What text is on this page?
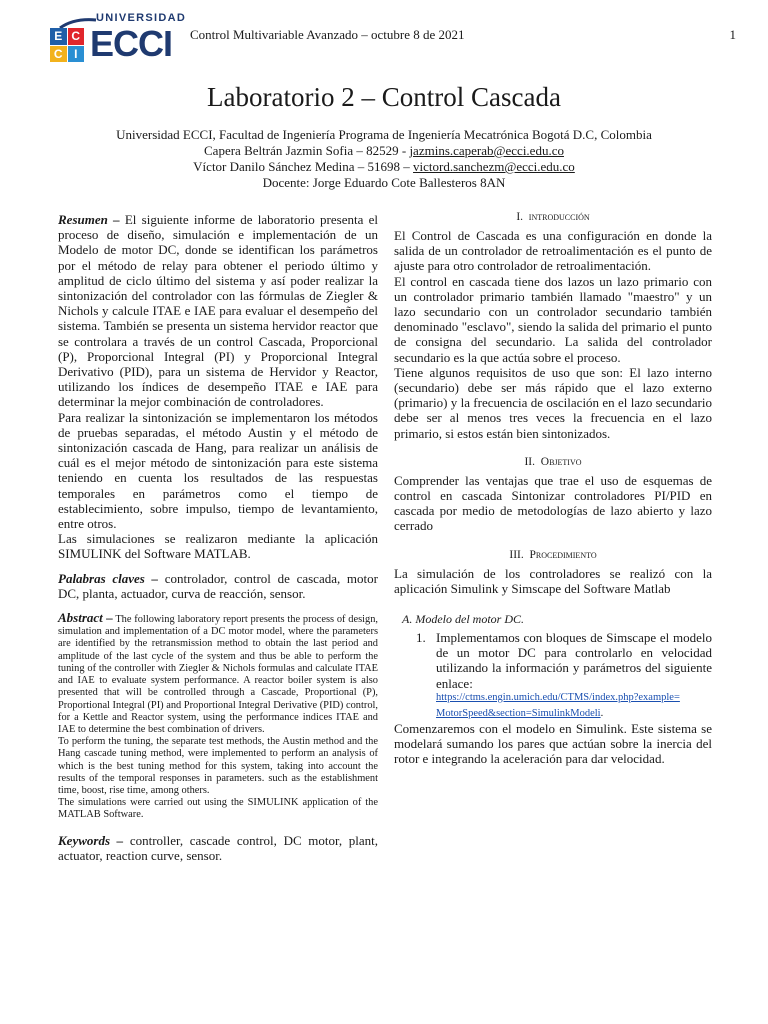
UNIVERSIDAD
E C
C I ECCI Control Multivariable Avanzado – octubre 8 de 2021	1
Laboratorio 2 – Control Cascada
Universidad ECCI, Facultad de Ingeniería Programa de Ingeniería Mecatrónica Bogotá D.C, Colombia
Capera Beltrán Jazmin Sofia – 82529 - jazmins.caperab@ecci.edu.co
Víctor Danilo Sánchez Medina – 51698 – victord.sanchezm@ecci.edu.co
Docente: Jorge Eduardo Cote Ballesteros 8AN

Resumen – El siguiente informe de laboratorio presenta el proceso de diseño, simulación e implementación de un Modelo de motor DC, donde se identifican los parámetros por el método de relay para obtener el periodo último y amplitud de ciclo último del sistema y así poder realizar la sintonización del controlador con las fórmulas de Ziegler & Nichols y calcule ITAE e IAE para evaluar el desempeño del sistema. También se presenta un sistema hervidor reactor que se controlara a través de un control Cascada, Proporcional (P), Proporcional Integral (PI) y Proporcional Integral Derivativo (PID), para un sistema de Hervidor y Reactor, utilizando los índices de desempeño ITAE e IAE para determinar la mejor combinación de controladores.

Para realizar la sintonización se implementaron los métodos de pruebas separadas, el método Austin y el método de sintonización cascada de Hang, para realizar un análisis de cuál es el mejor método de sintonización para este sistema teniendo en cuenta los resultados de las respuestas temporales en parámetros como el tiempo de establecimiento, sobre impulso, tiempo de levantamiento, entre otros.

Las simulaciones se realizaron mediante la aplicación SIMULINK del Software MATLAB.

Palabras claves – controlador, control de cascada, motor DC, planta, actuador, curva de reacción, sensor.

Abstract – The following laboratory report presents the process of design, simulation and implementation of a DC motor model, where the parameters are identified by the retransmission method to obtain the last period and amplitude of the last cycle of the system and thus be able to perform the tuning of the controller with Ziegler & Nichols formulas and calculate ITAE and IAE to evaluate system performance. A reactor boiler system is also presented that will be controlled through a Cascade, Proportional (P), Proportional Integral (PI) and Proportional Integral Derivative (PID) control, for a Kettle and Reactor system, using the performance indices ITAE and IAE to determine the best combination of drivers.

To perform the tuning, the separate test methods, the Austin method and the Hang cascade tuning method, were implemented to perform an analysis of which is the best tuning method for this system, taking into account the results of the temporal responses in parameters. such as the establishment time, boost, rise time, among others.

The simulations were carried out using the SIMULINK application of the MATLAB Software.

Keywords – controller, cascade control, DC motor, plant, actuator, reaction curve, sensor.

I. introducción

El Control de Cascada es una configuración en donde la salida de un controlador de retroalimentación es el punto de ajuste para otro controlador de retroalimentación.

El control en cascada tiene dos lazos un lazo primario con un controlador primario también llamado "maestro" y un lazo secundario con un controlador secundario también denominado "esclavo", siendo la salida del primario el punto de consigna del secundario. La salida del controlador secundario es la que actúa sobre el proceso.

Tiene algunos requisitos de uso que son: El lazo interno (secundario) debe ser más rápido que el lazo externo (primario) y la frecuencia de oscilación en el lazo secundario debe ser al menos tres veces la frecuencia en el lazo primario, si estos están bien sintonizados.

II. Objetivo

Comprender las ventajas que trae el uso de esquemas de control en cascada Sintonizar controladores PI/PID en cascada por medio de metodologías de lazo abierto y lazo cerrado

III. Procedimiento

La simulación de los controladores se realizó con la aplicación Simulink y Simscape del Software Matlab

A. Modelo del motor DC.
1. Implementamos con bloques de Simscape el modelo de un motor DC para controlarlo en velocidad utilizando la información y parámetros del siguiente enlace:

https://ctms.engin.umich.edu/CTMS/index.php?example=
MotorSpeed&section=SimulinkModeli.

Comenzaremos con el modelo en Simulink. Este sistema se modelará sumando los pares que actúan sobre la inercia del rotor e integrando la aceleración para dar velocidad.
